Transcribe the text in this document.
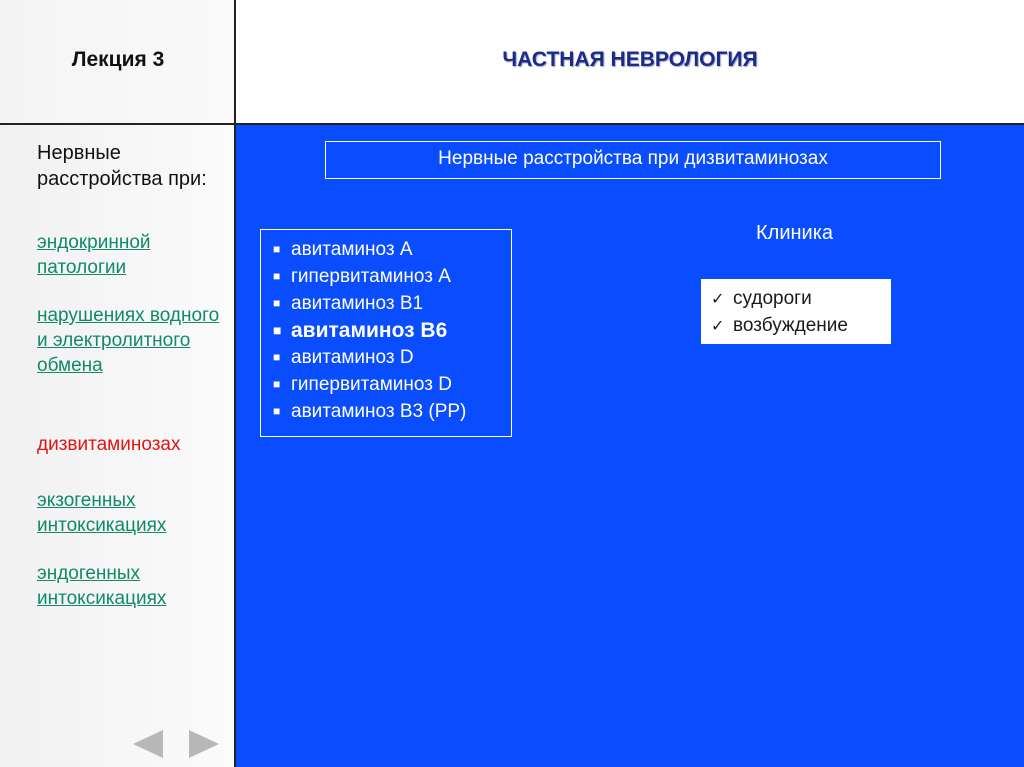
Лекция 3	ЧАСТНАЯ НЕВРОЛОГИЯ
Нервные расстройства при:
эндокринной патологии
нарушениях водного и электролитного обмена
дизвитаминозах
экзогенных интоксикациях
эндогенных интоксикациях
Нервные расстройства при дизвитаминозах
■ авитаминоз А
■ гипервитаминоз А
■ авитаминоз В1
■ авитаминоз В6
■ авитаминоз D
■ гипервитаминоз D
■ авитаминоз В3 (РР)
Клиника
✓ судороги
✓ возбуждение
